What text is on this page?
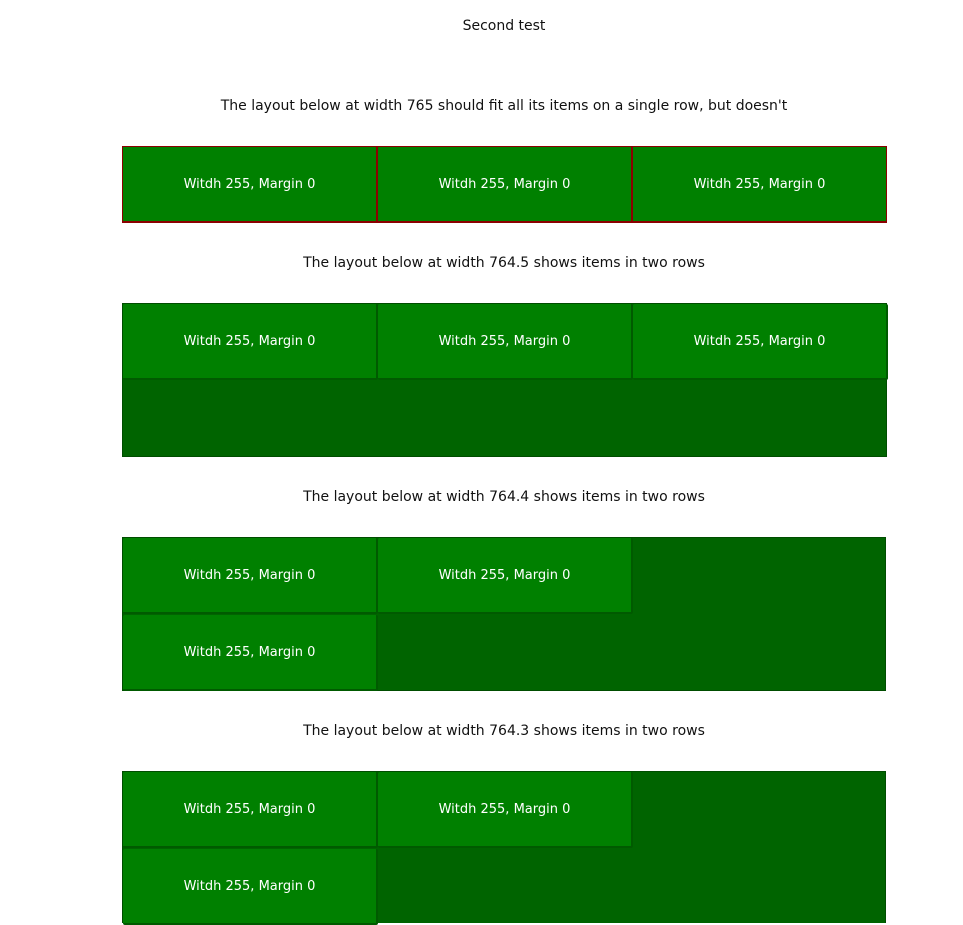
Second test
The layout below at width 765 should fit all its items on a single row, but doesn't
Witdh 255, Margin 0	Witdh 255, Margin 0	Witdh 255, Margin 0
The layout below at width 764.5 shows items in two rows
Witdh 255, Margin 0	Witdh 255, Margin 0	Witdh 255, Margin 0
The layout below at width 764.4 shows items in two rows
Witdh 255, Margin 0	Witdh 255, Margin 0
Witdh 255, Margin 0
The layout below at width 764.3 shows items in two rows
Witdh 255, Margin 0	Witdh 255, Margin 0
Witdh 255, Margin 0
